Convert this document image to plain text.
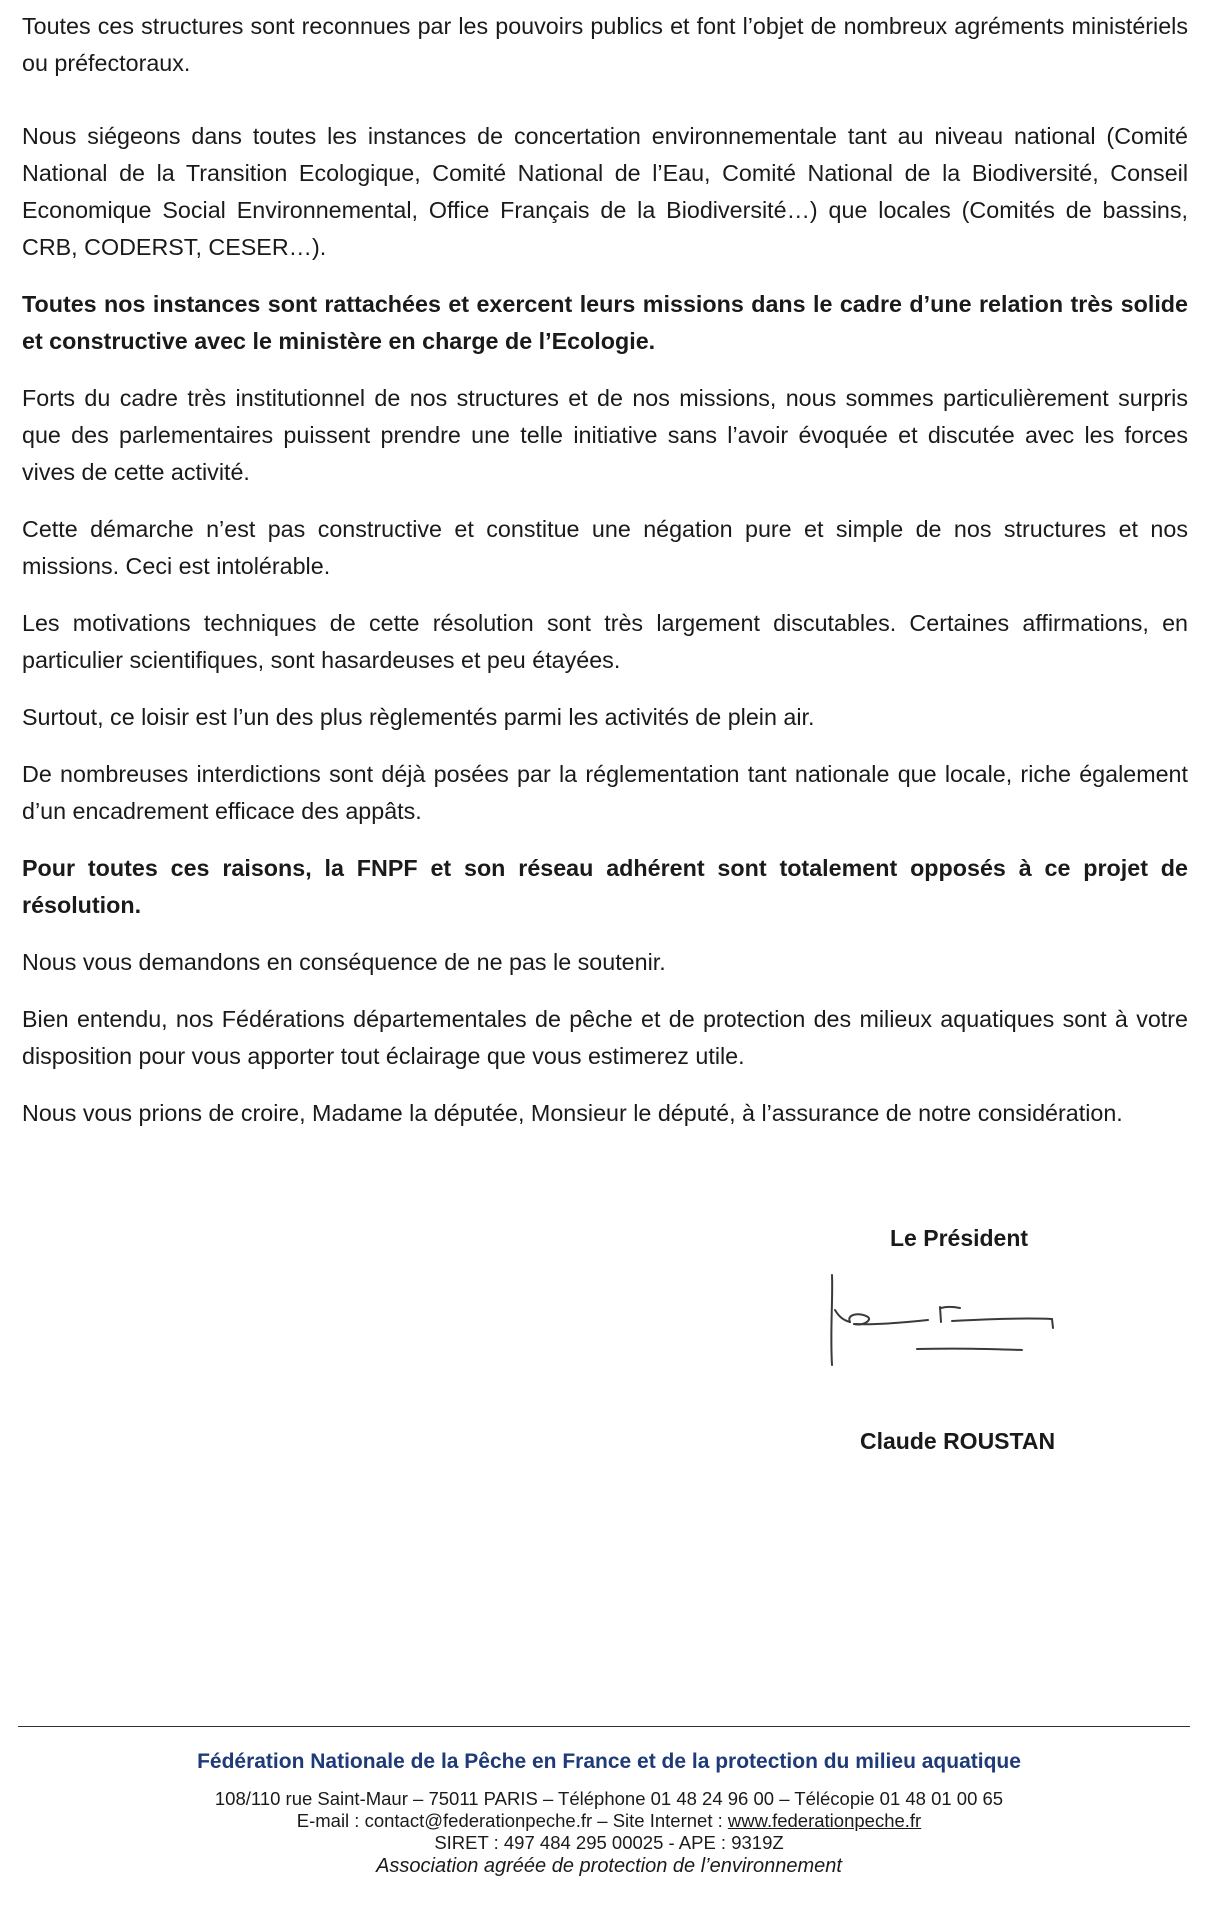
Toutes ces structures sont reconnues par les pouvoirs publics et font l’objet de nombreux agréments ministériels ou préfectoraux.

Nous siégeons dans toutes les instances de concertation environnementale tant au niveau national (Comité National de la Transition Ecologique, Comité National de l’Eau, Comité National de la Biodiversité, Conseil Economique Social Environnemental, Office Français de la Biodiversité…) que locales (Comités de bassins, CRB, CODERST, CESER…).

Toutes nos instances sont rattachées et exercent leurs missions dans le cadre d’une relation très solide et constructive avec le ministère en charge de l’Ecologie.

Forts du cadre très institutionnel de nos structures et de nos missions, nous sommes particulièrement surpris que des parlementaires puissent prendre une telle initiative sans l’avoir évoquée et discutée avec les forces vives de cette activité.

Cette démarche n’est pas constructive et constitue une négation pure et simple de nos structures et nos missions. Ceci est intolérable.

Les motivations techniques de cette résolution sont très largement discutables. Certaines affirmations, en particulier scientifiques, sont hasardeuses et peu étayées.

Surtout, ce loisir est l’un des plus règlementés parmi les activités de plein air.

De nombreuses interdictions sont déjà posées par la réglementation tant nationale que locale, riche également d’un encadrement efficace des appâts.

Pour toutes ces raisons, la FNPF et son réseau adhérent sont totalement opposés à ce projet de résolution.

Nous vous demandons en conséquence de ne pas le soutenir.

Bien entendu, nos Fédérations départementales de pêche et de protection des milieux aquatiques sont à votre disposition pour vous apporter tout éclairage que vous estimerez utile.

Nous vous prions de croire, Madame la députée, Monsieur le député, à l’assurance de notre considération.

Le Président
Claude ROUSTAN

Fédération Nationale de la Pêche en France et de la protection du milieu aquatique

108/110 rue Saint-Maur – 75011 PARIS – Téléphone 01 48 24 96 00 – Télécopie 01 48 01 00 65

E-mail : contact@federationpeche.fr – Site Internet : www.federationpeche.fr

SIRET : 497 484 295 00025 - APE : 9319Z

Association agréée de protection de l’environnement
